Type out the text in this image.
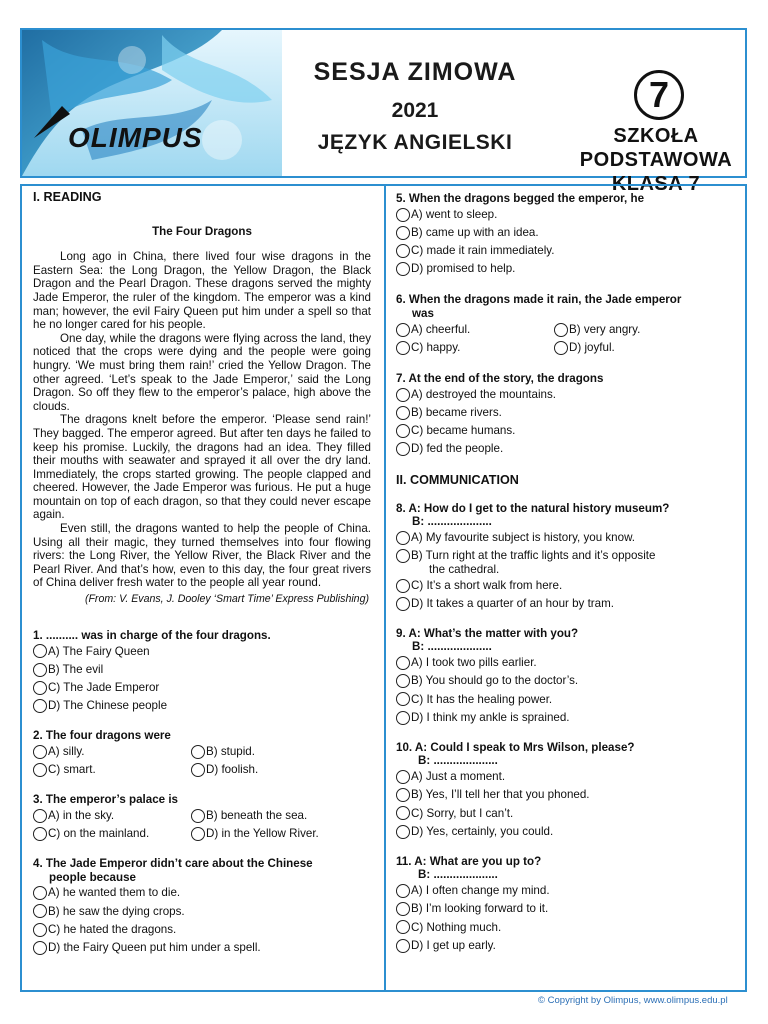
OLIMPUS
SESJA ZIMOWA
2021
JĘZYK ANGIELSKI
7
SZKOŁA
PODSTAWOWA
KLASA 7
I. READING
The Four Dragons

Long ago in China, there lived four wise dragons in the Eastern Sea: the Long Dragon, the Yellow Dragon, the Black Dragon and the Pearl Dragon. These dragons served the mighty Jade Emperor, the ruler of the kingdom. The emperor was a kind man; however, the evil Fairy Queen put him under a spell so that he no longer cared for his people.

One day, while the dragons were flying across the land, they noticed that the crops were dying and the people were going hungry. ‘We must bring them rain!’ cried the Yellow Dragon. The other agreed. ‘Let’s speak to the Jade Emperor,’ said the Long Dragon. So off they flew to the emperor’s palace, high above the clouds.

The dragons knelt before the emperor. ‘Please send rain!’ They bagged. The emperor agreed. But after ten days he failed to keep his promise. Luckily, the dragons had an idea. They filled their mouths with seawater and sprayed it all over the dry land. Immediately, the crops started growing. The people clapped and cheered. However, the Jade Emperor was furious. He put a huge mountain on top of each dragon, so that they could never escape again.

Even still, the dragons wanted to help the people of China. Using all their magic, they turned themselves into four flowing rivers: the Long River, the Yellow River, the Black River and the Pearl River. And that’s how, even to this day, the four great rivers of China deliver fresh water to the people all year round.

(From: V. Evans, J. Dooley ‘Smart Time’ Express Publishing)
1. .......... was in charge of the four dragons.
A) The Fairy Queen
B) The evil
C) The Jade Emperor
D) The Chinese people
2. The four dragons were
A) silly.	B) stupid.
C) smart.	D) foolish.
3. The emperor’s palace is
A) in the sky.	B) beneath the sea.
C) on the mainland.	D) in the Yellow River.
4. The Jade Emperor didn’t care about the Chinese
people because
A) he wanted them to die.
B) he saw the dying crops.
C) he hated the dragons.
D) the Fairy Queen put him under a spell.
5. When the dragons begged the emperor, he
A) went to sleep.
B) came up with an idea.
C) made it rain immediately.
D) promised to help.
6. When the dragons made it rain, the Jade emperor
was
A) cheerful.	B) very angry.
C) happy.	D) joyful.
7. At the end of the story, the dragons
A) destroyed the mountains.
B) became rivers.
C) became humans.
D) fed the people.
II. COMMUNICATION
8. A: How do I get to the natural history museum?
B: ....................
A) My favourite subject is history, you know.
B) Turn right at the traffic lights and it’s opposite
the cathedral.
C) It’s a short walk from here.
D) It takes a quarter of an hour by tram.
9. A: What’s the matter with you?
B: ....................
A) I took two pills earlier.
B) You should go to the doctor’s.
C) It has the healing power.
D) I think my ankle is sprained.
10. A: Could I speak to Mrs Wilson, please?
B: ....................
A) Just a moment.
B) Yes, I’ll tell her that you phoned.
C) Sorry, but I can’t.
D) Yes, certainly, you could.
11. A: What are you up to?
B: ....................
A) I often change my mind.
B) I’m looking forward to it.
C) Nothing much.
D) I get up early.
© Copyright by Olimpus, www.olimpus.edu.pl
